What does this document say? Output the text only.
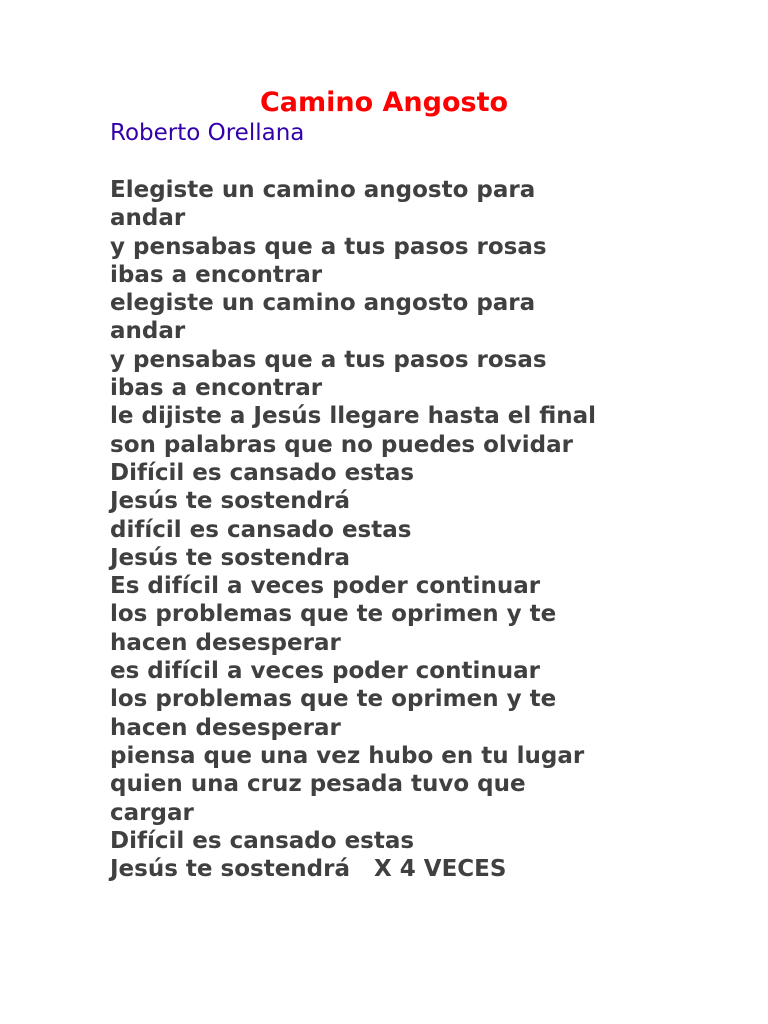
Camino Angosto
Roberto Orellana
Elegiste un camino angosto para
andar
y pensabas que a tus pasos rosas
ibas a encontrar
elegiste un camino angosto para
andar
y pensabas que a tus pasos rosas
ibas a encontrar
le dijiste a Jesús llegare hasta el final
son palabras que no puedes olvidar
Difícil es cansado estas
Jesús te sostendrá
difícil es cansado estas
Jesús te sostendra
Es difícil a veces poder continuar
los problemas que te oprimen y te
hacen desesperar
es difícil a veces poder continuar
los problemas que te oprimen y te
hacen desesperar
piensa que una vez hubo en tu lugar
quien una cruz pesada tuvo que
cargar
Difícil es cansado estas
Jesús te sostendrá   X 4 VECES
